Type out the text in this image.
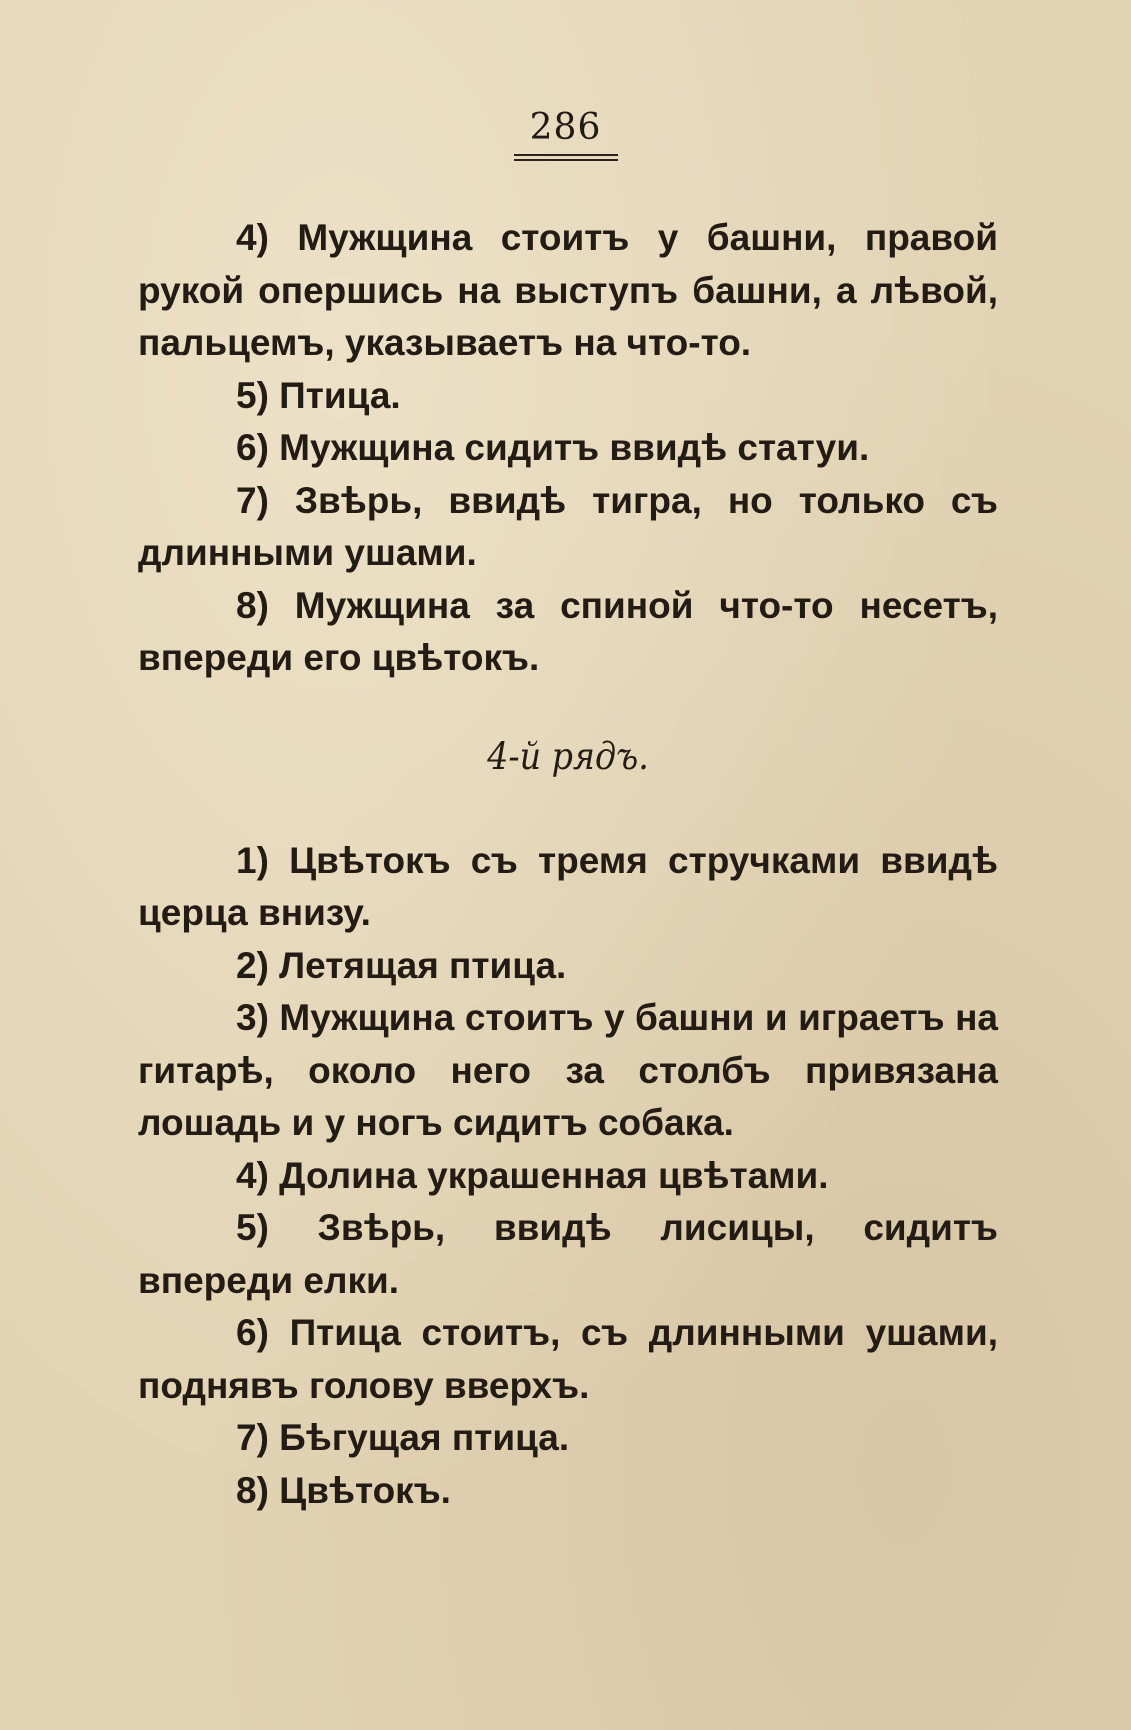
286

4) Мужщина стоитъ у башни, правой рукой опершись на выступъ башни, а лѣвой, пальцемъ, указываетъ на что-то.

5) Птица.

6) Мужщина сидитъ ввидѣ статуи.

7) Звѣрь, ввидѣ тигра, но только съ длинными ушами.

8) Мужщина за спиной что-то несетъ, впереди его цвѣтокъ.

4-й рядъ.

1) Цвѣтокъ съ тремя стручками ввидѣ церца внизу.

2) Летящая птица.

3) Мужщина стоитъ у башни и играетъ на гитарѣ, около него за столбъ привязана лошадь и у ногъ сидитъ собака.

4) Долина украшенная цвѣтами.

5) Звѣрь, ввидѣ лисицы, сидитъ впереди елки.

6) Птица стоитъ, съ длинными ушами, поднявъ голову вверхъ.

7) Бѣгущая птица.

8) Цвѣтокъ.
